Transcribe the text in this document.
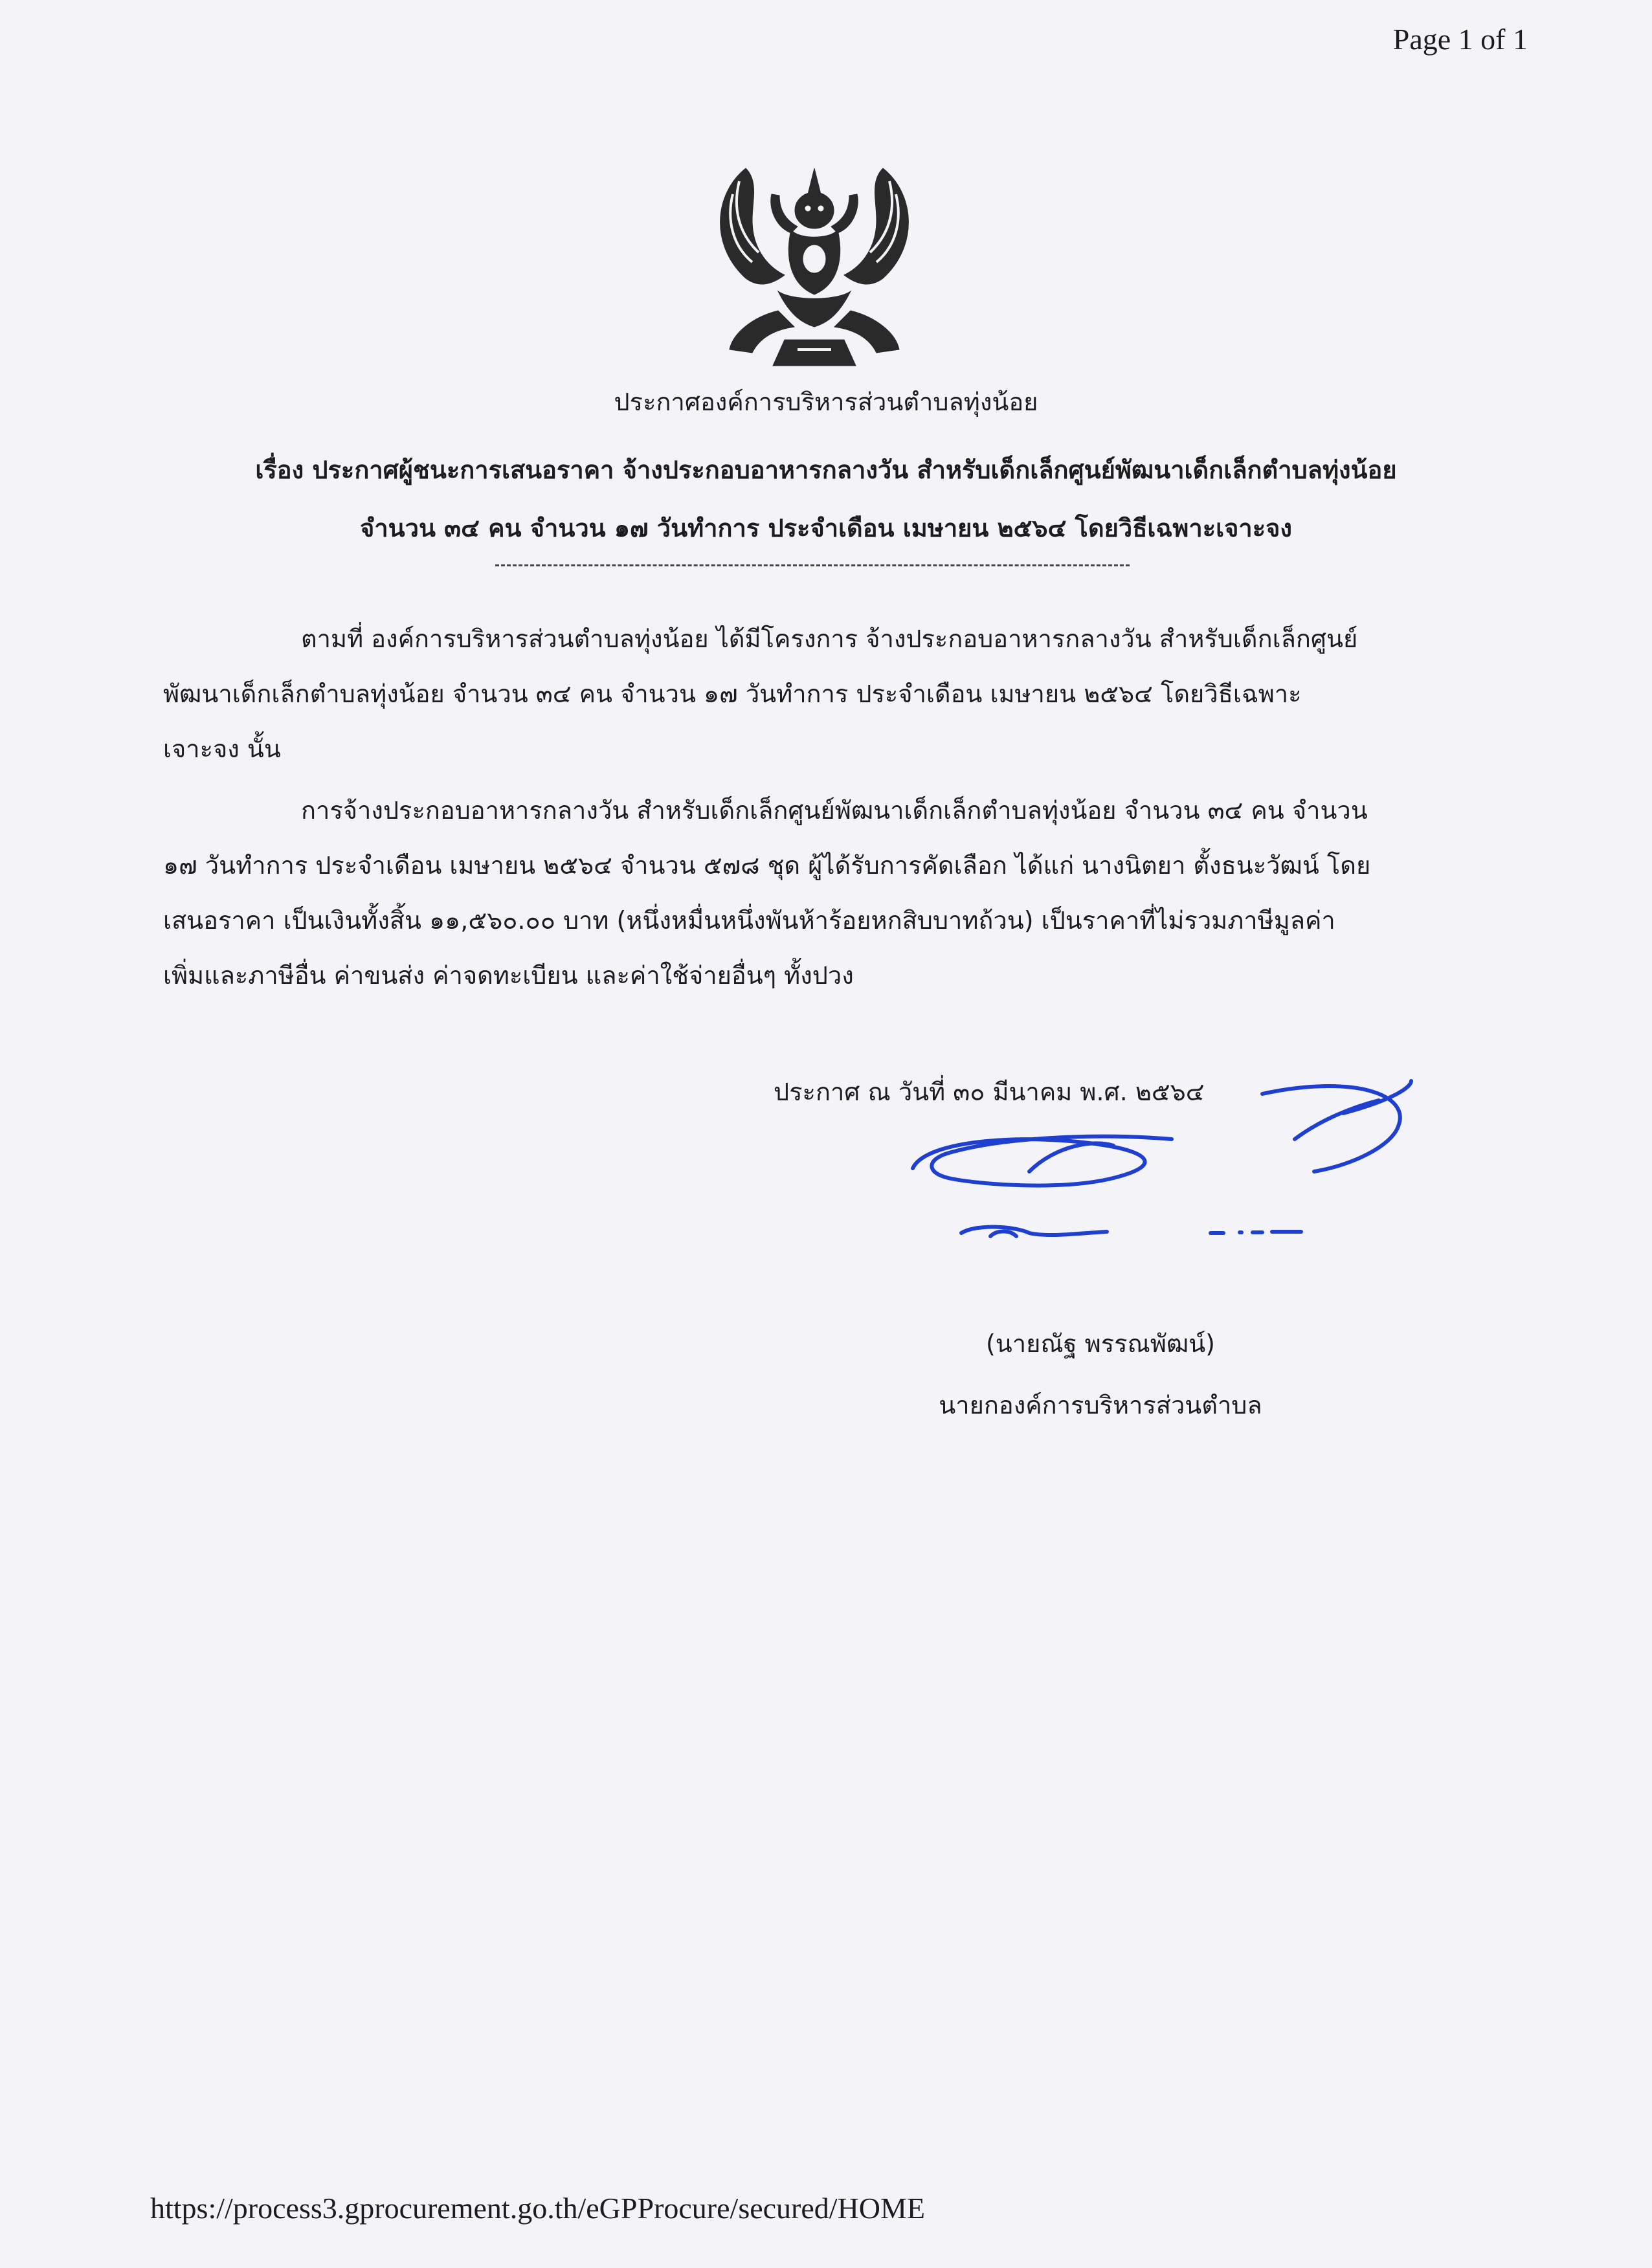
Page 1 of 1
ประกาศองค์การบริหารส่วนตำบลทุ่งน้อย
เรื่อง ประกาศผู้ชนะการเสนอราคา จ้างประกอบอาหารกลางวัน สำหรับเด็กเล็กศูนย์พัฒนาเด็กเล็กตำบลทุ่งน้อย
จำนวน ๓๔ คน จำนวน ๑๗ วันทำการ ประจำเดือน เมษายน ๒๕๖๔ โดยวิธีเฉพาะเจาะจง
ตามที่ องค์การบริหารส่วนตำบลทุ่งน้อย ได้มีโครงการ จ้างประกอบอาหารกลางวัน สำหรับเด็กเล็กศูนย์
พัฒนาเด็กเล็กตำบลทุ่งน้อย จำนวน ๓๔ คน จำนวน ๑๗ วันทำการ ประจำเดือน เมษายน ๒๕๖๔ โดยวิธีเฉพาะ
เจาะจง นั้น
การจ้างประกอบอาหารกลางวัน สำหรับเด็กเล็กศูนย์พัฒนาเด็กเล็กตำบลทุ่งน้อย จำนวน ๓๔ คน จำนวน
๑๗ วันทำการ ประจำเดือน เมษายน ๒๕๖๔ จำนวน ๕๗๘ ชุด ผู้ได้รับการคัดเลือก ได้แก่ นางนิตยา ตั้งธนะวัฒน์ โดย
เสนอราคา เป็นเงินทั้งสิ้น ๑๑,๕๖๐.๐๐ บาท (หนึ่งหมื่นหนึ่งพันห้าร้อยหกสิบบาทถ้วน) เป็นราคาที่ไม่รวมภาษีมูลค่า
เพิ่มและภาษีอื่น ค่าขนส่ง ค่าจดทะเบียน และค่าใช้จ่ายอื่นๆ ทั้งปวง
ประกาศ ณ วันที่ ๓๐ มีนาคม พ.ศ. ๒๕๖๔
(นายณัฐ พรรณพัฒน์)
นายกองค์การบริหารส่วนตำบล
https://process3.gprocurement.go.th/eGPProcure/secured/HOME
